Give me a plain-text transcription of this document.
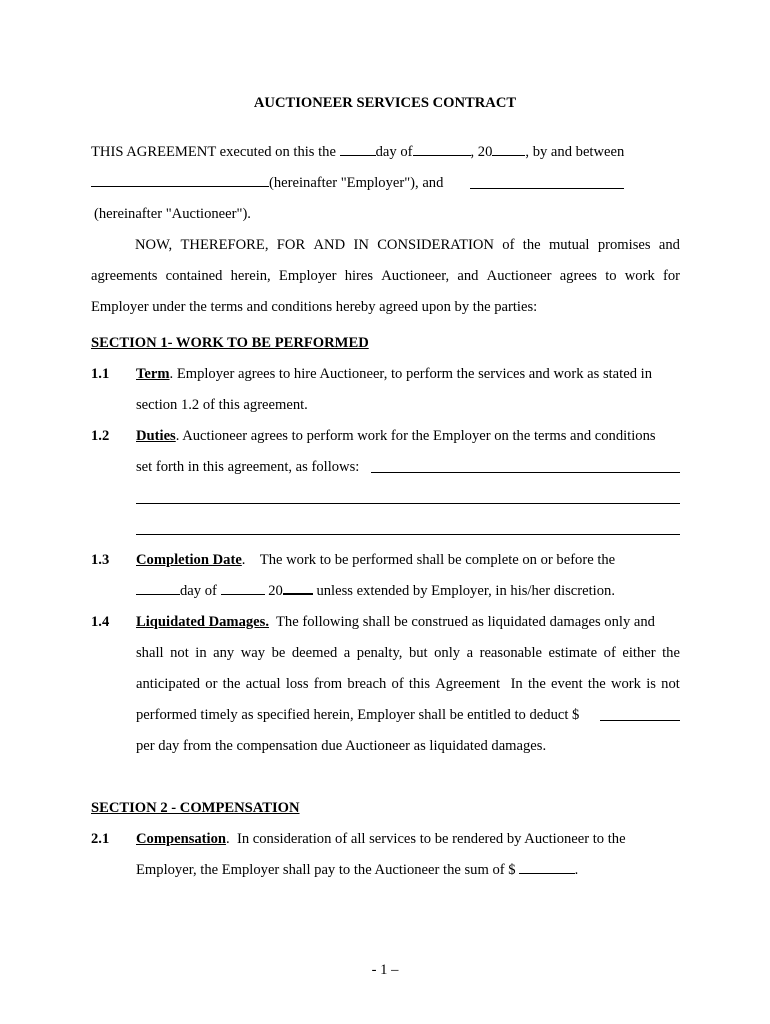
AUCTIONEER SERVICES CONTRACT
THIS AGREEMENT executed on this the day of	, 20 , by and between
(hereinafter "Employer"), and
(hereinafter "Auctioneer").
NOW, THEREFORE, FOR AND IN CONSIDERATION of the mutual promises and
agreements contained herein, Employer hires Auctioneer, and Auctioneer agrees to work for
Employer under the terms and conditions hereby agreed upon by the parties:
SECTION 1- WORK TO BE PERFORMED
1.1 Term. Employer agrees to hire Auctioneer, to perform the services and work as stated in
section 1.2 of this agreement.
1.2 Duties. Auctioneer agrees to perform work for the Employer on the terms and conditions
set forth in this agreement, as follows:
1.3 Completion Date.    The work to be performed shall be complete on or before the
day of	20 unless extended by Employer, in his/her discretion.
1.4 Liquidated Damages.  The following shall be construed as liquidated damages only and
shall not in any way be deemed a penalty, but only a reasonable estimate of either the
anticipated or the actual loss from breach of this Agreement In the event the work is not
performed timely as specified herein, Employer shall be entitled to deduct $
per day from the compensation due Auctioneer as liquidated damages.
SECTION 2 - COMPENSATION
2.1 Compensation.  In consideration of all services to be rendered by Auctioneer to the
Employer, the Employer shall pay to the Auctioneer the sum of $	.
- 1 –
